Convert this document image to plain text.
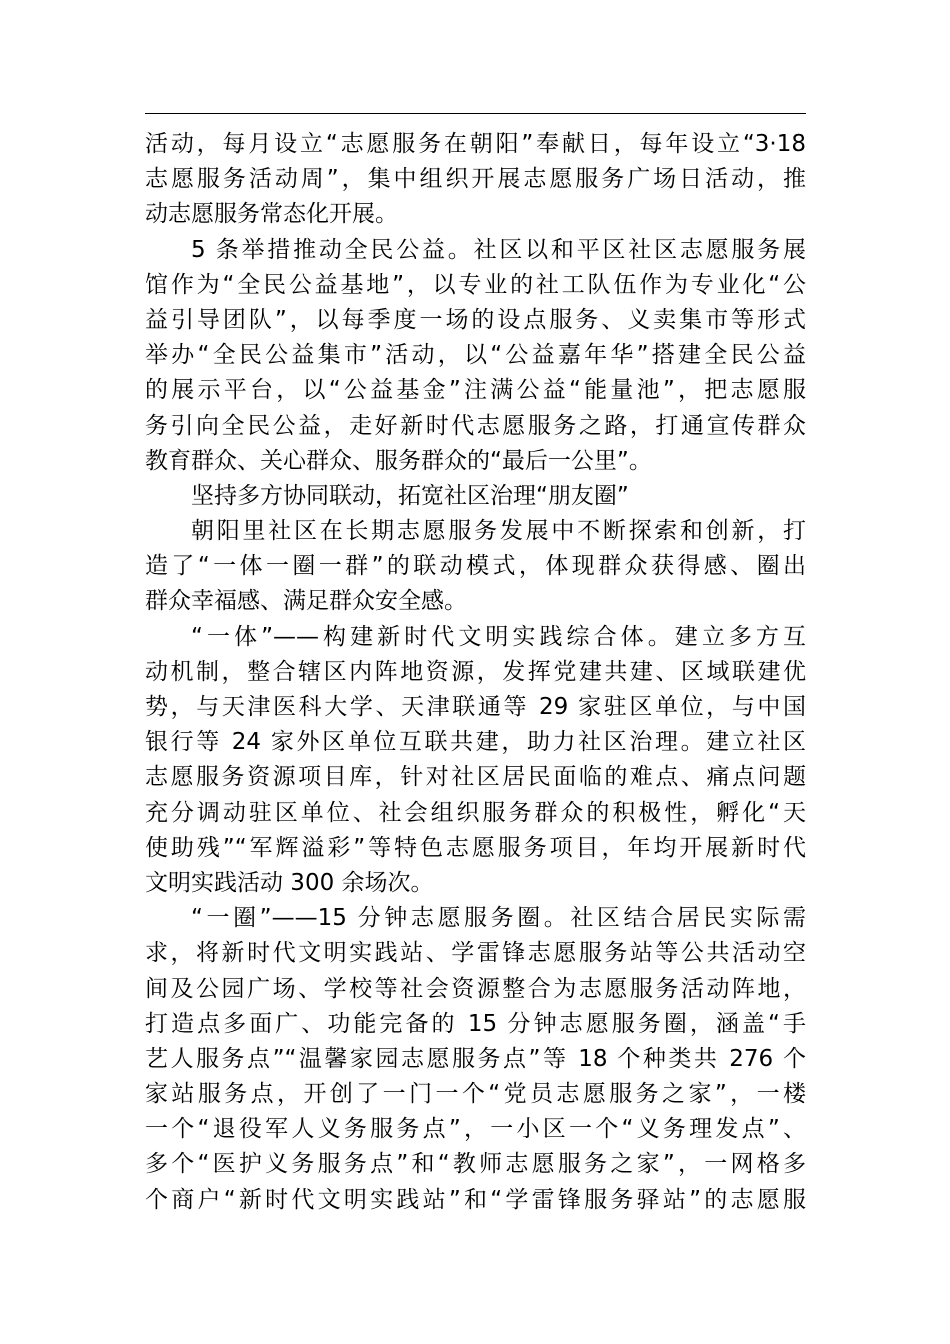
活动，每月设立“志愿服务在朝阳”奉献日，每年设立“3·18
志愿服务活动周”，集中组织开展志愿服务广场日活动，推
动志愿服务常态化开展。
5 条举措推动全民公益。社区以和平区社区志愿服务展
馆作为“全民公益基地”，以专业的社工队伍作为专业化“公
益引导团队”，以每季度一场的设点服务、义卖集市等形式
举办“全民公益集市”活动，以“公益嘉年华”搭建全民公益
的展示平台，以“公益基金”注满公益“能量池”，把志愿服
务引向全民公益，走好新时代志愿服务之路，打通宣传群众
教育群众、关心群众、服务群众的“最后一公里”。
坚持多方协同联动，拓宽社区治理“朋友圈”
朝阳里社区在长期志愿服务发展中不断探索和创新，打
造了“一体一圈一群”的联动模式，体现群众获得感、圈出
群众幸福感、满足群众安全感。
“一体”——构建新时代文明实践综合体。建立多方互
动机制，整合辖区内阵地资源，发挥党建共建、区域联建优
势，与天津医科大学、天津联通等 29 家驻区单位，与中国
银行等 24 家外区单位互联共建，助力社区治理。建立社区
志愿服务资源项目库，针对社区居民面临的难点、痛点问题
充分调动驻区单位、社会组织服务群众的积极性，孵化“天
使助残”“军辉溢彩”等特色志愿服务项目，年均开展新时代
文明实践活动 300 余场次。
“一圈”——15 分钟志愿服务圈。社区结合居民实际需
求，将新时代文明实践站、学雷锋志愿服务站等公共活动空
间及公园广场、学校等社会资源整合为志愿服务活动阵地，
打造点多面广、功能完备的 15 分钟志愿服务圈，涵盖“手
艺人服务点”“温馨家园志愿服务点”等 18 个种类共 276 个
家站服务点，开创了一门一个“党员志愿服务之家”，一楼
一个“退役军人义务服务点”，一小区一个“义务理发点”、
多个“医护义务服务点”和“教师志愿服务之家”，一网格多
个商户“新时代文明实践站”和“学雷锋服务驿站”的志愿服
